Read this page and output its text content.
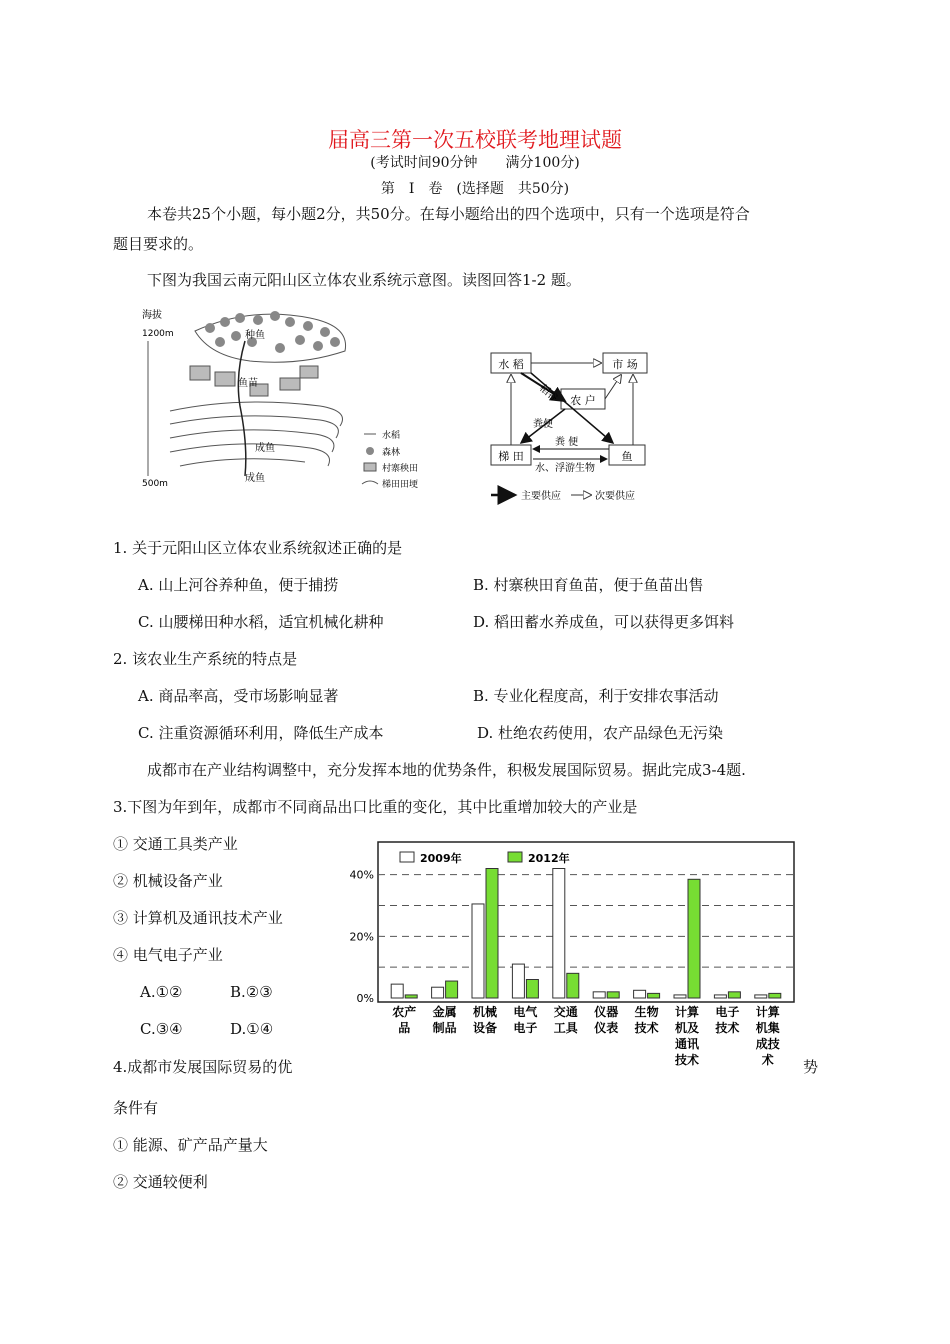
届高三第一次五校联考地理试题
(考试时间90分钟　　满分100分)
第　Ⅰ　卷　(选择题　共50分)
本卷共25个小题，每小题2分，共50分。在每小题给出的四个选项中，只有一个选项是符合
题目要求的。
下图为我国云南元阳山区立体农业系统示意图。读图回答1-2 题。
海拔
1200m
500m
种鱼
鱼苗
成鱼
成鱼
水稻
森林
村寨秧田
梯田田埂
水 稻	市 场
农 户
梯 田	鱼
稻谷
粪便
粪 便
水、浮游生物
主要供应	次要供应
1. 关于元阳山区立体农业系统叙述正确的是
A. 山上河谷养种鱼，便于捕捞	B. 村寨秧田育鱼苗，便于鱼苗出售
C. 山腰梯田种水稻，适宜机械化耕种	D. 稻田蓄水养成鱼，可以获得更多饵料
2. 该农业生产系统的特点是
A. 商品率高，受市场影响显著	B. 专业化程度高，利于安排农事活动
C. 注重资源循环利用，降低生产成本	D. 杜绝农药使用，农产品绿色无污染
成都市在产业结构调整中，充分发挥本地的优势条件，积极发展国际贸易。据此完成3-4题.
3.下图为年到年，成都市不同商品出口比重的变化，其中比重增加较大的产业是
① 交通工具类产业
② 机械设备产业
③ 计算机及通讯技术产业
④ 电气电子产业
A.①②	B.②③
C.③④	D.①④
0%
20%
40%
农产
品
金属
制品
机械
设备
电气
电子
交通
工具
仪器
仪表
生物
技术
计算
机及
通讯
技术
电子
技术
计算
机集
成技
术
2009年	2012年
4.成都市发展国际贸易的优	势
条件有
① 能源、矿产品产量大
② 交通较便利
